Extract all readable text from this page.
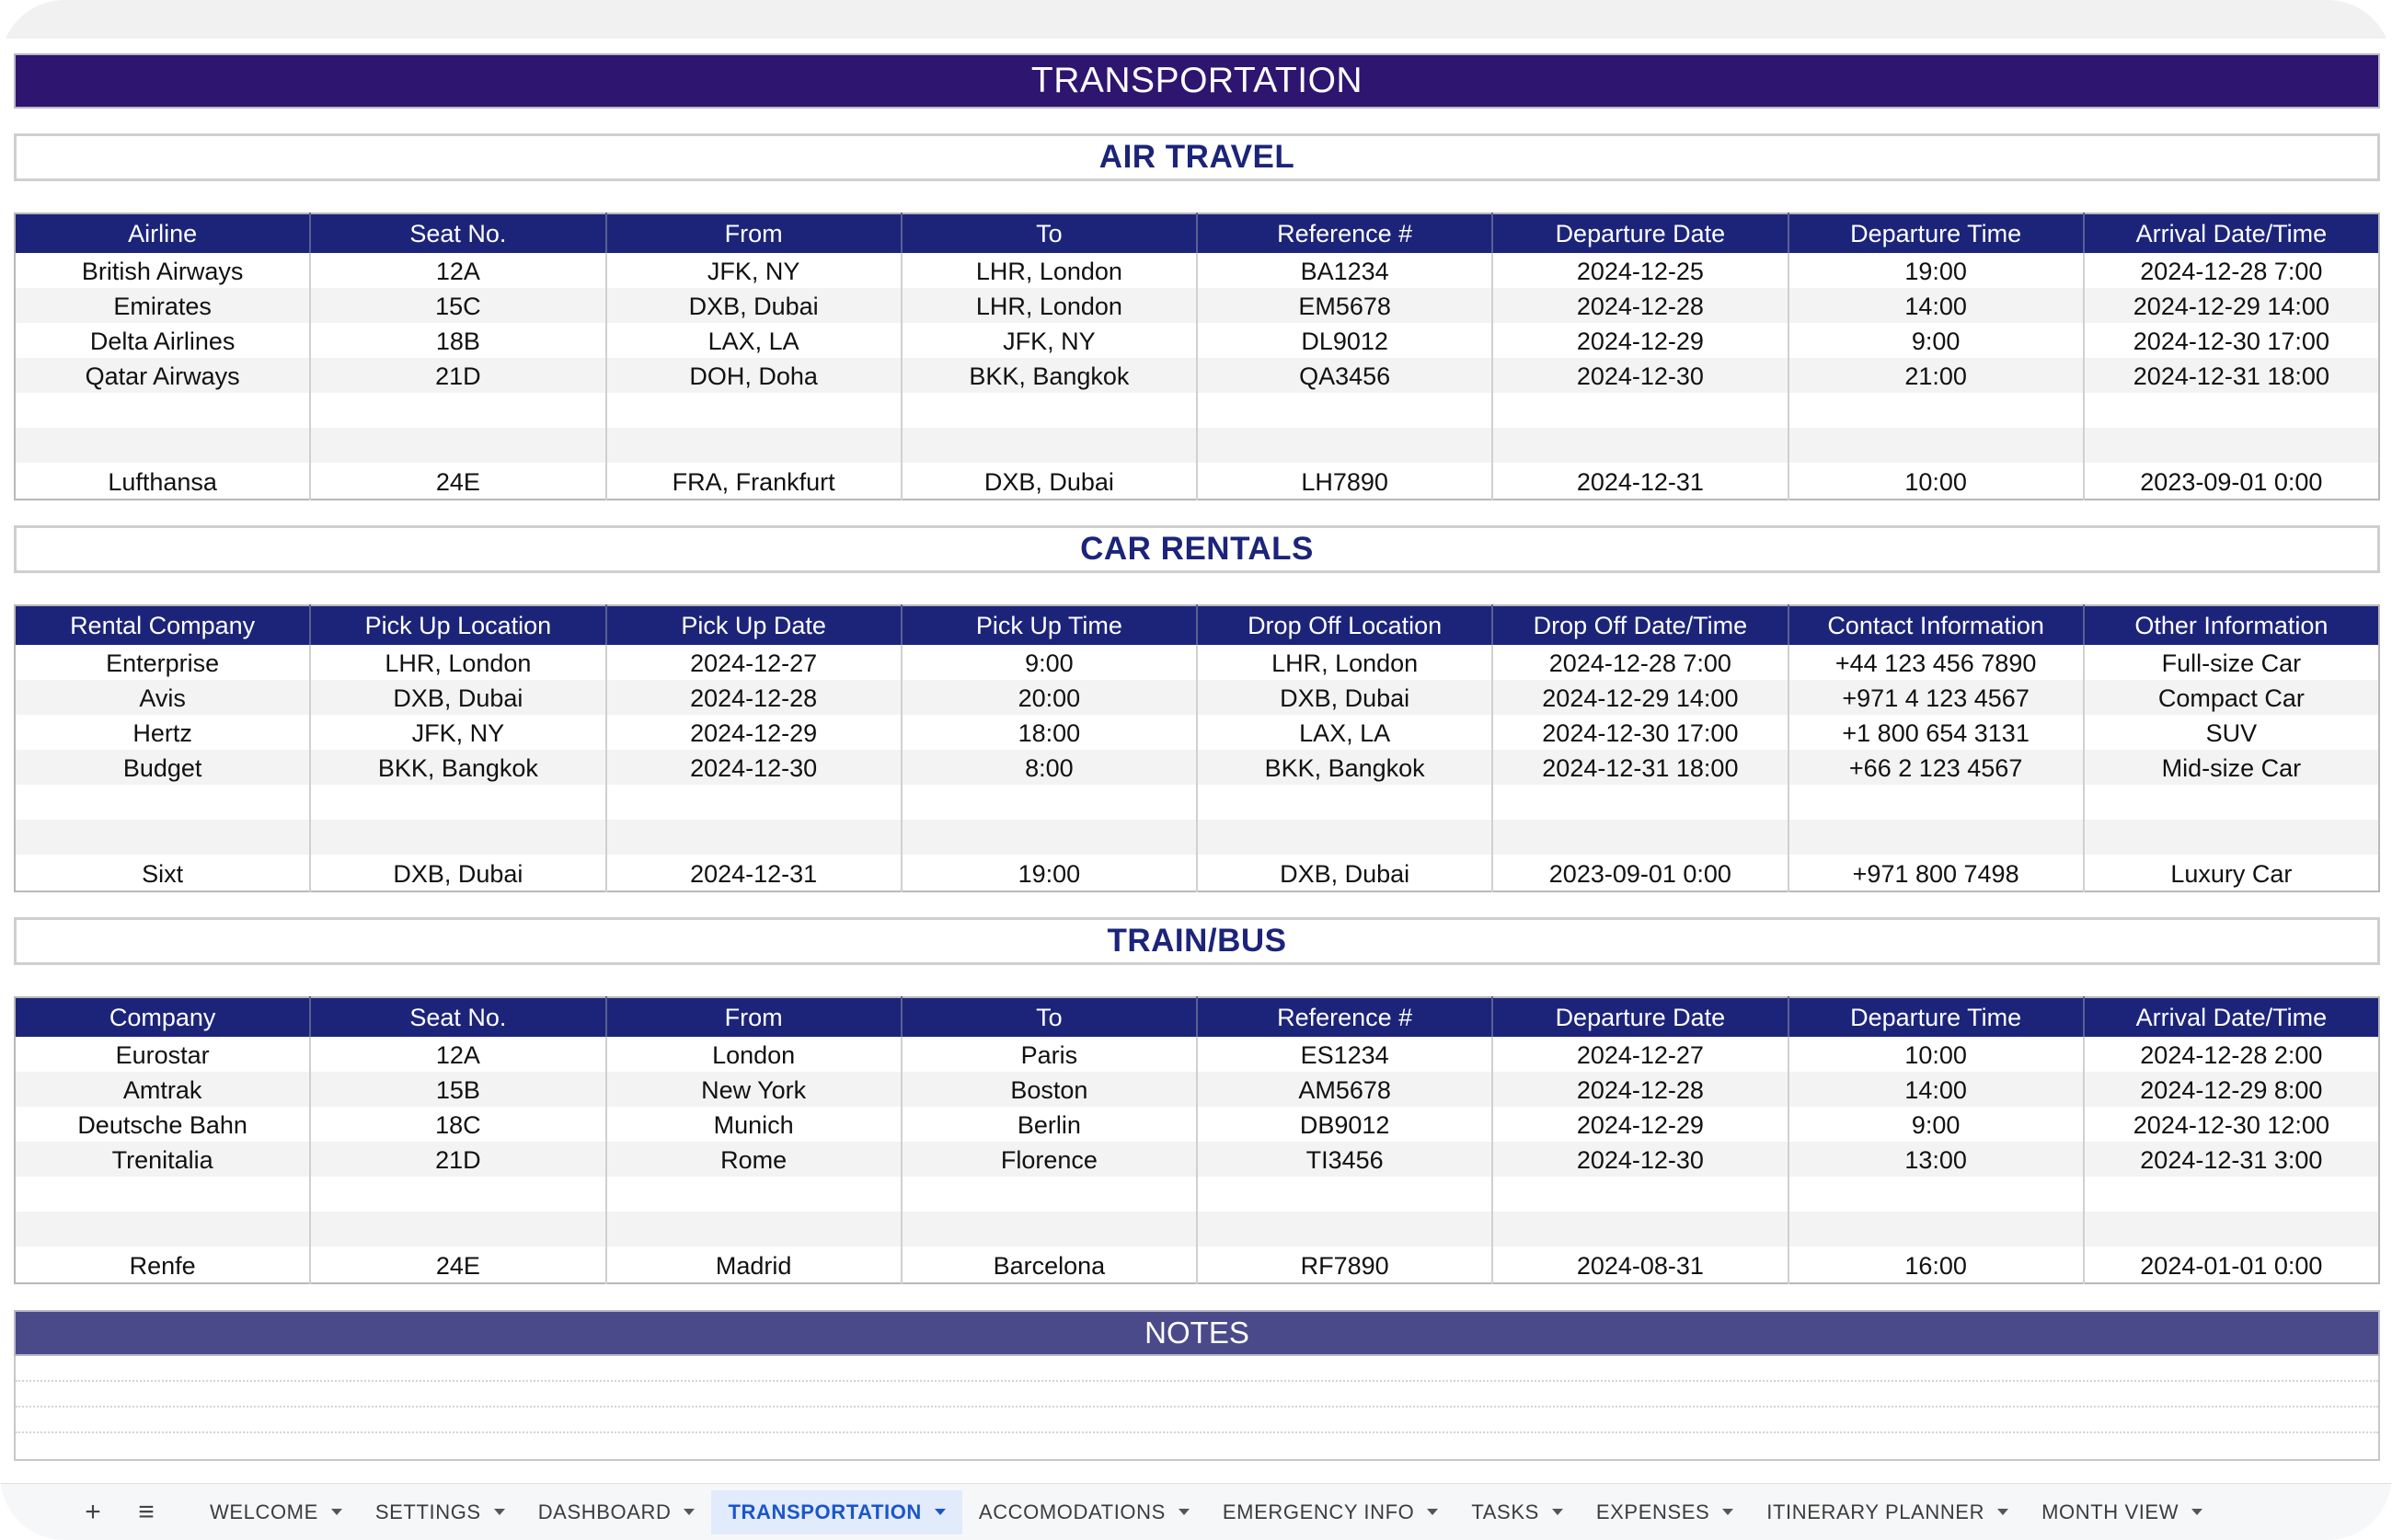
TRANSPORTATION
AIR TRAVEL
Airline	Seat No.	From	To	Reference #	Departure Date	Departure Time	Arrival Date/Time
British Airways	12A	JFK, NY	LHR, London	BA1234	2024-12-25	19:00	2024-12-28 7:00
Emirates	15C	DXB, Dubai	LHR, London	EM5678	2024-12-28	14:00	2024-12-29 14:00
Delta Airlines	18B	LAX, LA	JFK, NY	DL9012	2024-12-29	9:00	2024-12-30 17:00
Qatar Airways	21D	DOH, Doha	BKK, Bangkok	QA3456	2024-12-30	21:00	2024-12-31 18:00

Lufthansa	24E	FRA, Frankfurt	DXB, Dubai	LH7890	2024-12-31	10:00	2023-09-01 0:00
CAR RENTALS
Rental Company	Pick Up Location	Pick Up Date	Pick Up Time	Drop Off Location	Drop Off Date/Time	Contact Information	Other Information
Enterprise	LHR, London	2024-12-27	9:00	LHR, London	2024-12-28 7:00	+44 123 456 7890	Full-size Car
Avis	DXB, Dubai	2024-12-28	20:00	DXB, Dubai	2024-12-29 14:00	+971 4 123 4567	Compact Car
Hertz	JFK, NY	2024-12-29	18:00	LAX, LA	2024-12-30 17:00	+1 800 654 3131	SUV
Budget	BKK, Bangkok	2024-12-30	8:00	BKK, Bangkok	2024-12-31 18:00	+66 2 123 4567	Mid-size Car

Sixt	DXB, Dubai	2024-12-31	19:00	DXB, Dubai	2023-09-01 0:00	+971 800 7498	Luxury Car
TRAIN/BUS
Company	Seat No.	From	To	Reference #	Departure Date	Departure Time	Arrival Date/Time
Eurostar	12A	London	Paris	ES1234	2024-12-27	10:00	2024-12-28 2:00
Amtrak	15B	New York	Boston	AM5678	2024-12-28	14:00	2024-12-29 8:00
Deutsche Bahn	18C	Munich	Berlin	DB9012	2024-12-29	9:00	2024-12-30 12:00
Trenitalia	21D	Rome	Florence	TI3456	2024-12-30	13:00	2024-12-31 3:00

Renfe	24E	Madrid	Barcelona	RF7890	2024-08-31	16:00	2024-01-01 0:00
NOTES
+	≡	WELCOME	SETTINGS	DASHBOARD	TRANSPORTATION	ACCOMODATIONS	EMERGENCY INFO	TASKS	EXPENSES	ITINERARY PLANNER	MONTH VIEW
